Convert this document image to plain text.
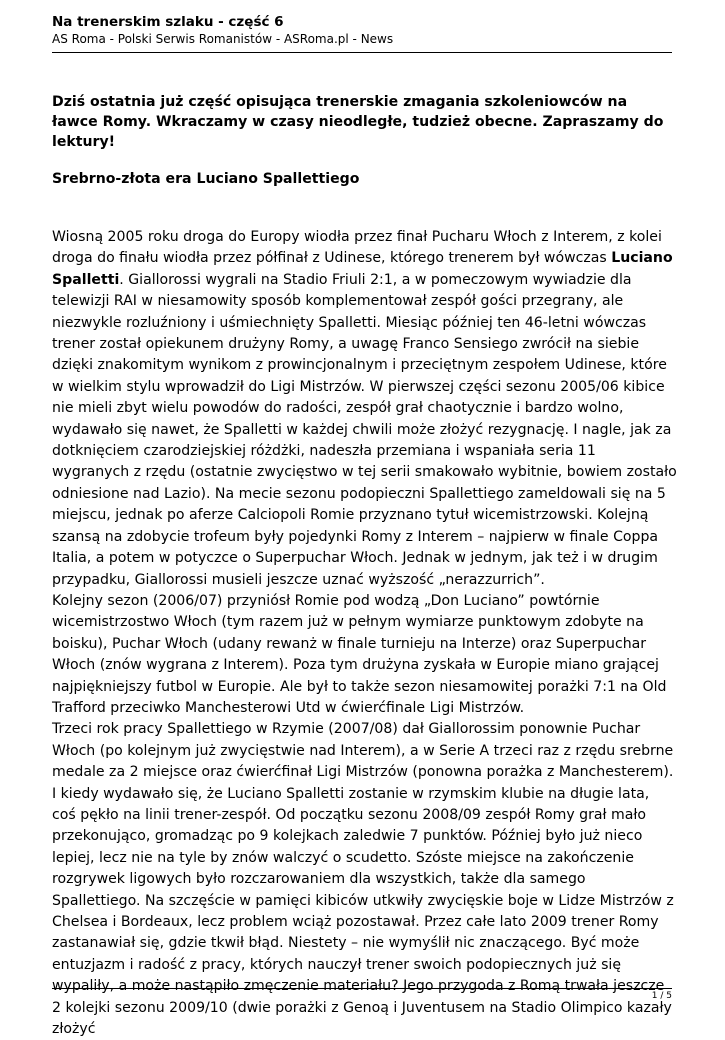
Na trenerskim szlaku - część 6
AS Roma - Polski Serwis Romanistów - ASRoma.pl - News

Dziś ostatnia już część opisująca trenerskie zmagania szkoleniowców na ławce Romy. Wkraczamy w czasy nieodległe, tudzież obecne. Zapraszamy do lektury!

Srebrno-złota era Luciano Spallettiego

Wiosną 2005 roku droga do Europy wiodła przez finał Pucharu Włoch z Interem, z kolei droga do finału wiodła przez półfinał z Udinese, którego trenerem był wówczas Luciano Spalletti. Giallorossi wygrali na Stadio Friuli 2:1, a w pomeczowym wywiadzie dla telewizji RAI w niesamowity sposób komplementował zespół gości przegrany, ale niezwykle rozluźniony i uśmiechnięty Spalletti. Miesiąc później ten 46-letni wówczas trener został opiekunem drużyny Romy, a uwagę Franco Sensiego zwrócił na siebie dzięki znakomitym wynikom z prowincjonalnym i przeciętnym zespołem Udinese, które w wielkim stylu wprowadził do Ligi Mistrzów. W pierwszej części sezonu 2005/06 kibice nie mieli zbyt wielu powodów do radości, zespół grał chaotycznie i bardzo wolno, wydawało się nawet, że Spalletti w każdej chwili może złożyć rezygnację. I nagle, jak za dotknięciem czarodziejskiej różdżki, nadeszła przemiana i wspaniała seria 11 wygranych z rzędu (ostatnie zwycięstwo w tej serii smakowało wybitnie, bowiem zostało odniesione nad Lazio). Na mecie sezonu podopieczni Spallettiego zameldowali się na 5 miejscu, jednak po aferze Calciopoli Romie przyznano tytuł wicemistrzowski. Kolejną szansą na zdobycie trofeum były pojedynki Romy z Interem – najpierw w finale Coppa Italia, a potem w potyczce o Superpuchar Włoch. Jednak w jednym, jak też i w drugim przypadku, Giallorossi musieli jeszcze uznać wyższość „nerazzurrich”.

Kolejny sezon (2006/07) przyniósł Romie pod wodzą „Don Luciano” powtórnie wicemistrzostwo Włoch (tym razem już w pełnym wymiarze punktowym zdobyte na boisku), Puchar Włoch (udany rewanż w finale turnieju na Interze) oraz Superpuchar Włoch (znów wygrana z Interem). Poza tym drużyna zyskała w Europie miano grającej najpiękniejszy futbol w Europie. Ale był to także sezon niesamowitej porażki 7:1 na Old Trafford przeciwko Manchesterowi Utd w ćwierćfinale Ligi Mistrzów.

Trzeci rok pracy Spallettiego w Rzymie (2007/08) dał Giallorossim ponownie Puchar Włoch (po kolejnym już zwycięstwie nad Interem), a w Serie A trzeci raz z rzędu srebrne medale za 2 miejsce oraz ćwierćfinał Ligi Mistrzów (ponowna porażka z Manchesterem). I kiedy wydawało się, że Luciano Spalletti zostanie w rzymskim klubie na długie lata, coś pękło na linii trener-zespół. Od początku sezonu 2008/09 zespół Romy grał mało przekonująco, gromadząc po 9 kolejkach zaledwie 7 punktów. Później było już nieco lepiej, lecz nie na tyle by znów walczyć o scudetto. Szóste miejsce na zakończenie rozgrywek ligowych było rozczarowaniem dla wszystkich, także dla samego Spallettiego. Na szczęście w pamięci kibiców utkwiły zwycięskie boje w Lidze Mistrzów z Chelsea i Bordeaux, lecz problem wciąż pozostawał. Przez całe lato 2009 trener Romy zastanawiał się, gdzie tkwił błąd. Niestety – nie wymyślił nic znaczącego. Być może entuzjazm i radość z pracy, których nauczył trener swoich podopiecznych już się wypaliły, a może nastąpiło zmęczenie materiału? Jego przygoda z Romą trwała jeszcze 2 kolejki sezonu 2009/10 (dwie porażki z Genoą i Juventusem na Stadio Olimpico kazały złożyć

1 / 5
